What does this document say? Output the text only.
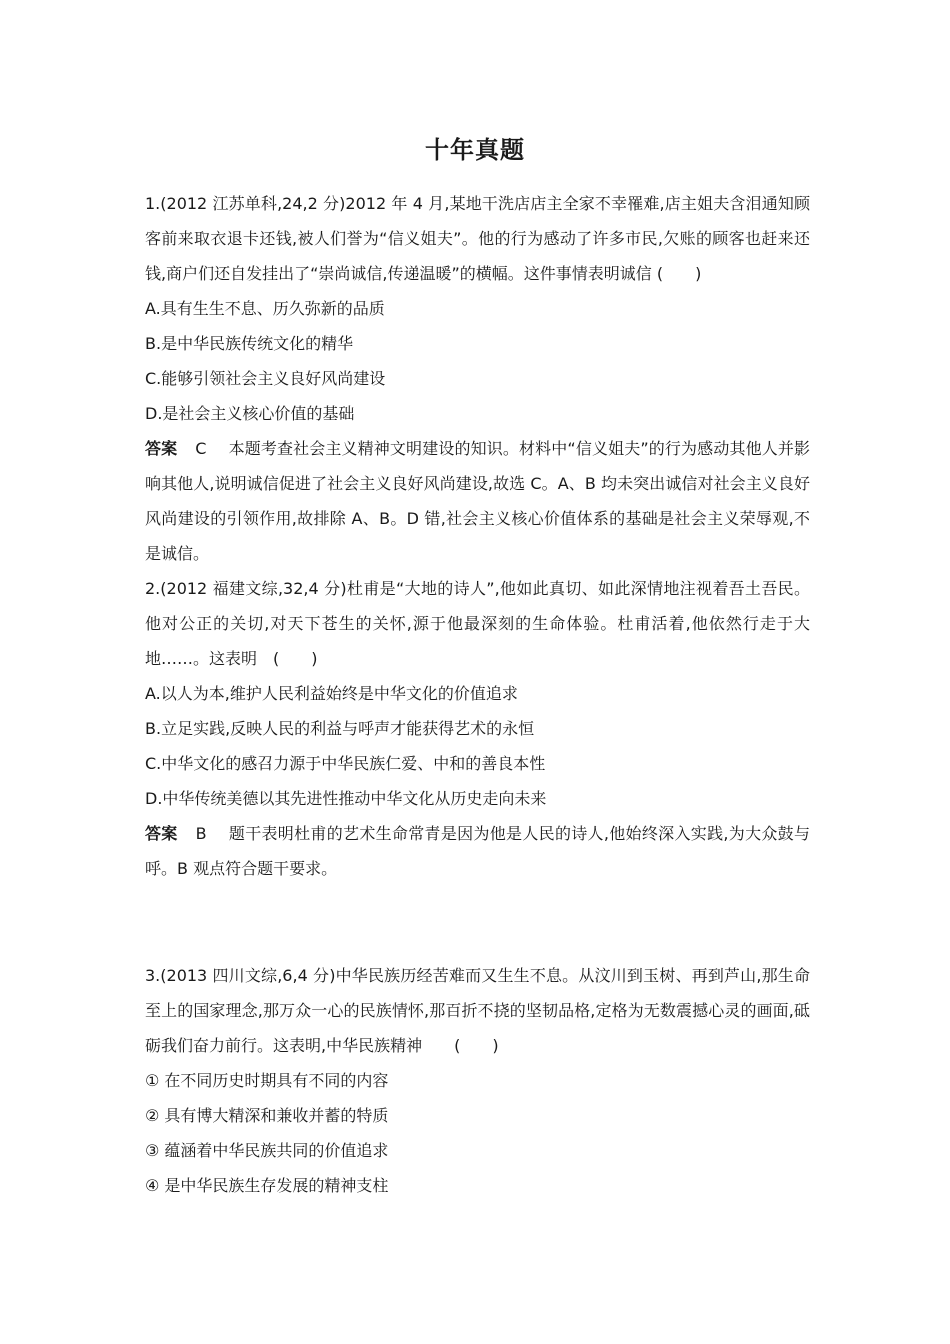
十年真题

1.(2012 江苏单科,24,2 分)2012 年 4 月,某地干洗店店主全家不幸罹难,店主姐夫含泪通知顾客前来取衣退卡还钱,被人们誉为“信义姐夫”。他的行为感动了许多市民,欠账的顾客也赶来还钱,商户们还自发挂出了“崇尚诚信,传递温暖”的横幅。这件事情表明诚信 (　　)

A.具有生生不息、历久弥新的品质

B.是中华民族传统文化的精华

C.能够引领社会主义良好风尚建设

D.是社会主义核心价值的基础

答案 C 本题考查社会主义精神文明建设的知识。材料中“信义姐夫”的行为感动其他人并影响其他人,说明诚信促进了社会主义良好风尚建设,故选 C。A、B 均未突出诚信对社会主义良好风尚建设的引领作用,故排除 A、B。D 错,社会主义核心价值体系的基础是社会主义荣辱观,不是诚信。

2.(2012 福建文综,32,4 分)杜甫是“大地的诗人”,他如此真切、如此深情地注视着吾土吾民。他对公正的关切,对天下苍生的关怀,源于他最深刻的生命体验。杜甫活着,他依然行走于大地……。这表明　(　　)

A.以人为本,维护人民利益始终是中华文化的价值追求

B.立足实践,反映人民的利益与呼声才能获得艺术的永恒

C.中华文化的感召力源于中华民族仁爱、中和的善良本性

D.中华传统美德以其先进性推动中华文化从历史走向未来

答案 B 题干表明杜甫的艺术生命常青是因为他是人民的诗人,他始终深入实践,为大众鼓与呼。B 观点符合题干要求。

3.(2013 四川文综,6,4 分)中华民族历经苦难而又生生不息。从汶川到玉树、再到芦山,那生命至上的国家理念,那万众一心的民族情怀,那百折不挠的坚韧品格,定格为无数震撼心灵的画面,砥砺我们奋力前行。这表明,中华民族精神　　(　　)

① 在不同历史时期具有不同的内容

② 具有博大精深和兼收并蓄的特质

③ 蕴涵着中华民族共同的价值追求

④ 是中华民族生存发展的精神支柱
